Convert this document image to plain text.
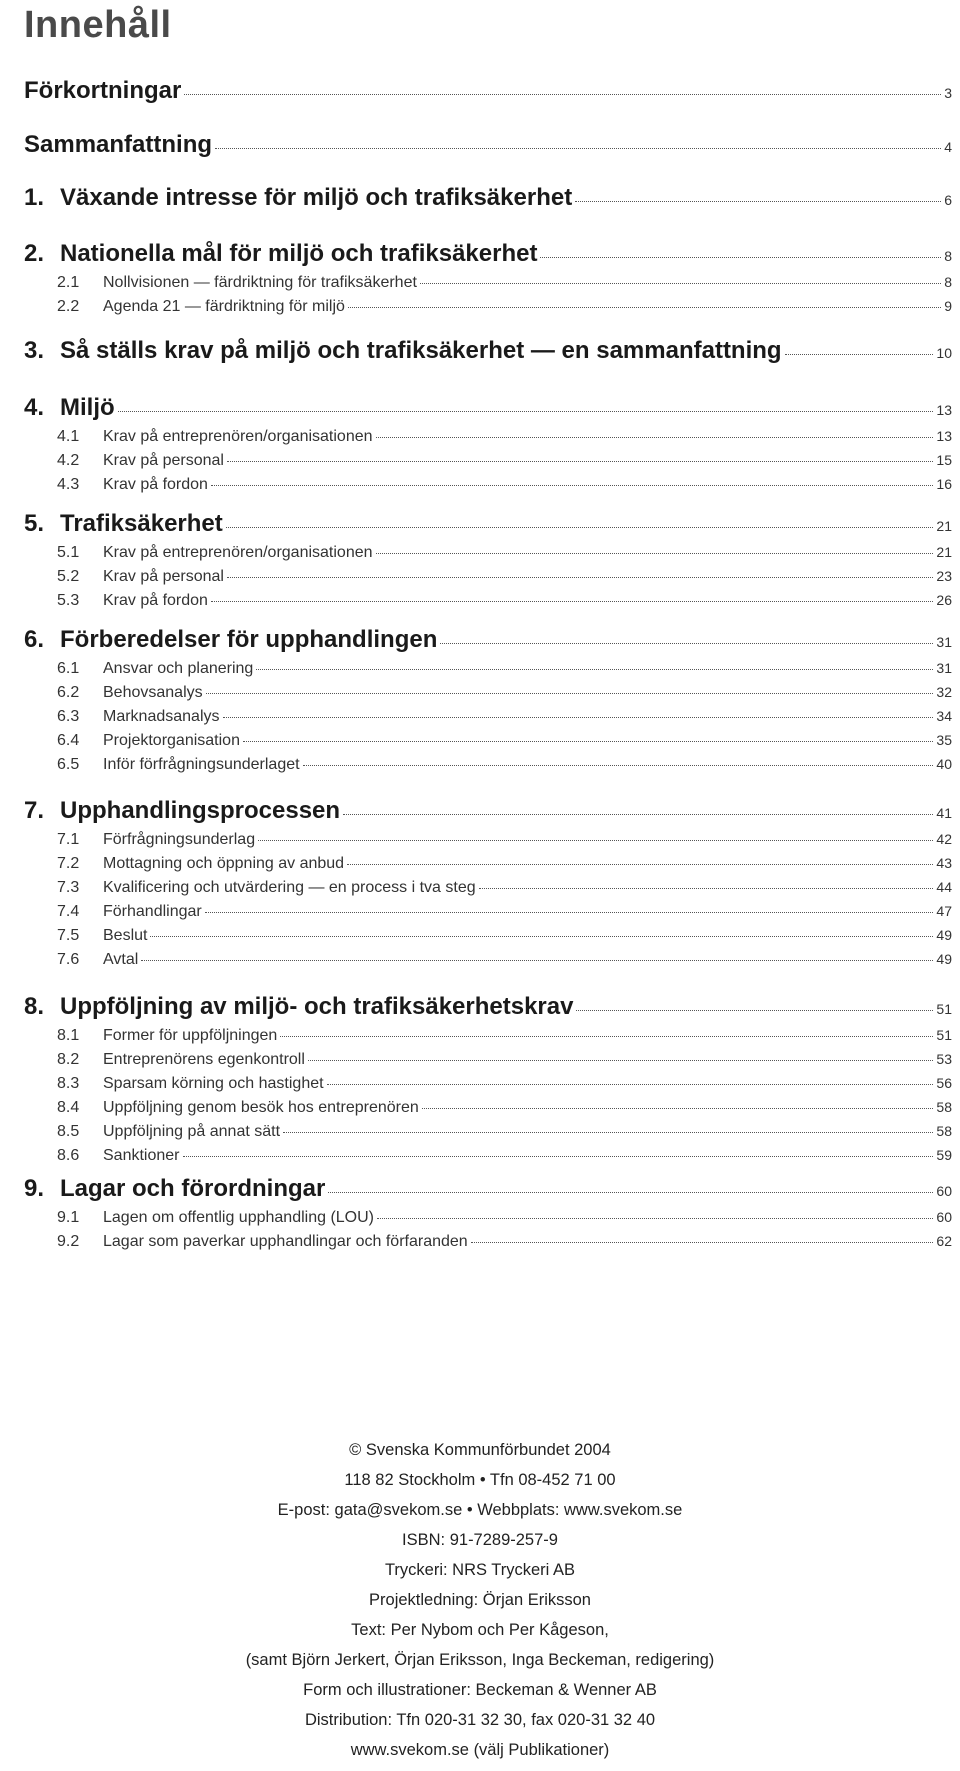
Innehåll
Förkortningar	3
Sammanfattning	4
1. Växande intresse för miljö och trafiksäkerhet	6
2. Nationella mål för miljö och trafiksäkerhet	8
2.1	Nollvisionen — färdriktning för trafiksäkerhet	8
2.2	Agenda 21 — färdriktning för miljö	9
3. Så ställs krav på miljö och trafiksäkerhet — en sammanfattning	10
4. Miljö	13
4.1	Krav på entreprenören/organisationen	13
4.2	Krav på personal	15
4.3	Krav på fordon	16
5. Trafiksäkerhet	21
5.1	Krav på entreprenören/organisationen	21
5.2	Krav på personal	23
5.3	Krav på fordon	26
6. Förberedelser för upphandlingen	31
6.1	Ansvar och planering	31
6.2	Behovsanalys	32
6.3	Marknadsanalys	34
6.4	Projektorganisation	35
6.5	Inför förfrågningsunderlaget	40
7. Upphandlingsprocessen	41
7.1	Förfrågningsunderlag	42
7.2	Mottagning och öppning av anbud	43
7.3	Kvalificering och utvärdering — en process i tva steg	44
7.4	Förhandlingar	47
7.5	Beslut	49
7.6	Avtal	49
8. Uppföljning av miljö- och trafiksäkerhetskrav	51
8.1	Former för uppföljningen	51
8.2	Entreprenörens egenkontroll	53
8.3	Sparsam körning och hastighet	56
8.4	Uppföljning genom besök hos entreprenören	58
8.5	Uppföljning på annat sätt	58
8.6	Sanktioner	59
9. Lagar och förordningar	60
9.1	Lagen om offentlig upphandling (LOU)	60
9.2	Lagar som paverkar upphandlingar och förfaranden	62
© Svenska Kommunförbundet 2004
118 82 Stockholm • Tfn 08-452 71 00
E-post: gata@svekom.se • Webbplats: www.svekom.se
ISBN: 91-7289-257-9
Tryckeri: NRS Tryckeri AB
Projektledning: Örjan Eriksson
Text: Per Nybom och Per Kågeson,
(samt Björn Jerkert, Örjan Eriksson, Inga Beckeman, redigering)
Form och illustrationer: Beckeman & Wenner AB
Distribution: Tfn 020-31 32 30, fax 020-31 32 40
www.svekom.se (välj Publikationer)
